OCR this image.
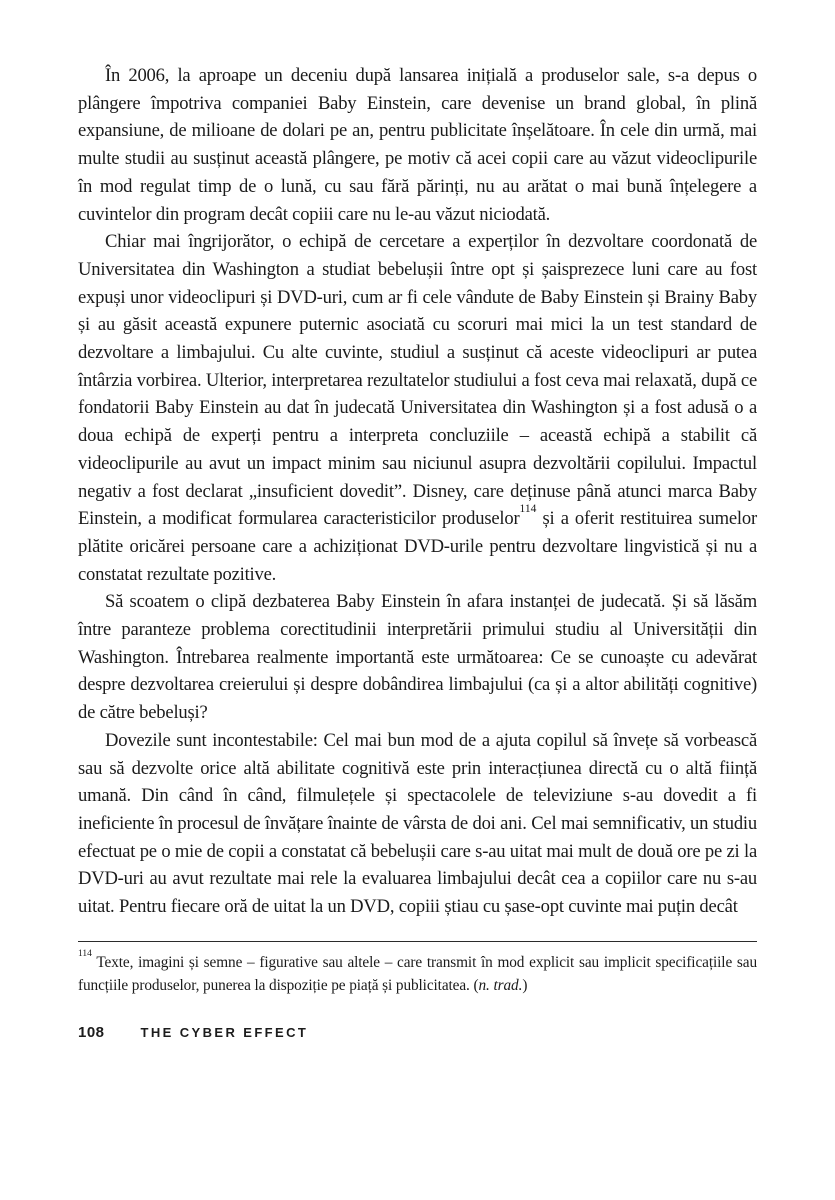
În 2006, la aproape un deceniu după lansarea inițială a produselor sale, s-a depus o plângere împotriva companiei Baby Einstein, care devenise un brand global, în plină expansiune, de milioane de dolari pe an, pentru publicitate înșelătoare. În cele din urmă, mai multe studii au susținut această plângere, pe motiv că acei copii care au văzut videoclipurile în mod regulat timp de o lună, cu sau fără părinți, nu au arătat o mai bună înțelegere a cuvintelor din program decât copiii care nu le-au văzut niciodată.

Chiar mai îngrijorător, o echipă de cercetare a experților în dezvoltare coordonată de Universitatea din Washington a studiat bebelușii între opt și șaisprezece luni care au fost expuși unor videoclipuri și DVD-uri, cum ar fi cele vândute de Baby Einstein și Brainy Baby și au găsit această expunere puternic asociată cu scoruri mai mici la un test standard de dezvoltare a limbajului. Cu alte cuvinte, studiul a susținut că aceste videoclipuri ar putea întârzia vorbirea. Ulterior, interpretarea rezultatelor studiului a fost ceva mai relaxată, după ce fondatorii Baby Einstein au dat în judecată Universitatea din Washington și a fost adusă o a doua echipă de experți pentru a interpreta concluziile – această echipă a stabilit că videoclipurile au avut un impact minim sau niciunul asupra dezvoltării copilului. Impactul negativ a fost declarat „insuficient dovedit”. Disney, care deținuse până atunci marca Baby Einstein, a modificat formularea caracteristicilor produselor$^{114}$ și a oferit restituirea sumelor plătite oricărei persoane care a achiziționat DVD-urile pentru dezvoltare lingvistică și nu a constatat rezultate pozitive.

Să scoatem o clipă dezbaterea Baby Einstein în afara instanței de judecată. Și să lăsăm între paranteze problema corectitudinii interpretării primului studiu al Universității din Washington. Întrebarea realmente importantă este următoarea: Ce se cunoaște cu adevărat despre dezvoltarea creierului și despre dobândirea limbajului (ca și a altor abilități cognitive) de către bebeluși?

Dovezile sunt incontestabile: Cel mai bun mod de a ajuta copilul să învețe să vorbească sau să dezvolte orice altă abilitate cognitivă este prin interacțiunea directă cu o altă ființă umană. Din când în când, filmulețele și spectacolele de televiziune s-au dovedit a fi ineficiente în procesul de învățare înainte de vârsta de doi ani. Cel mai semnificativ, un studiu efectuat pe o mie de copii a constatat că bebelușii care s-au uitat mai mult de două ore pe zi la DVD-uri au avut rezultate mai rele la evaluarea limbajului decât cea a copiilor care nu s-au uitat. Pentru fiecare oră de uitat la un DVD, copiii știau cu șase-opt cuvinte mai puțin decât

$^{114}$ Texte, imagini și semne – figurative sau altele – care transmit în mod explicit sau implicit specificațiile sau funcțiile produselor, punerea la dispoziție pe piață și publicitatea. (n. trad.)

108	THE CYBER EFFECT
